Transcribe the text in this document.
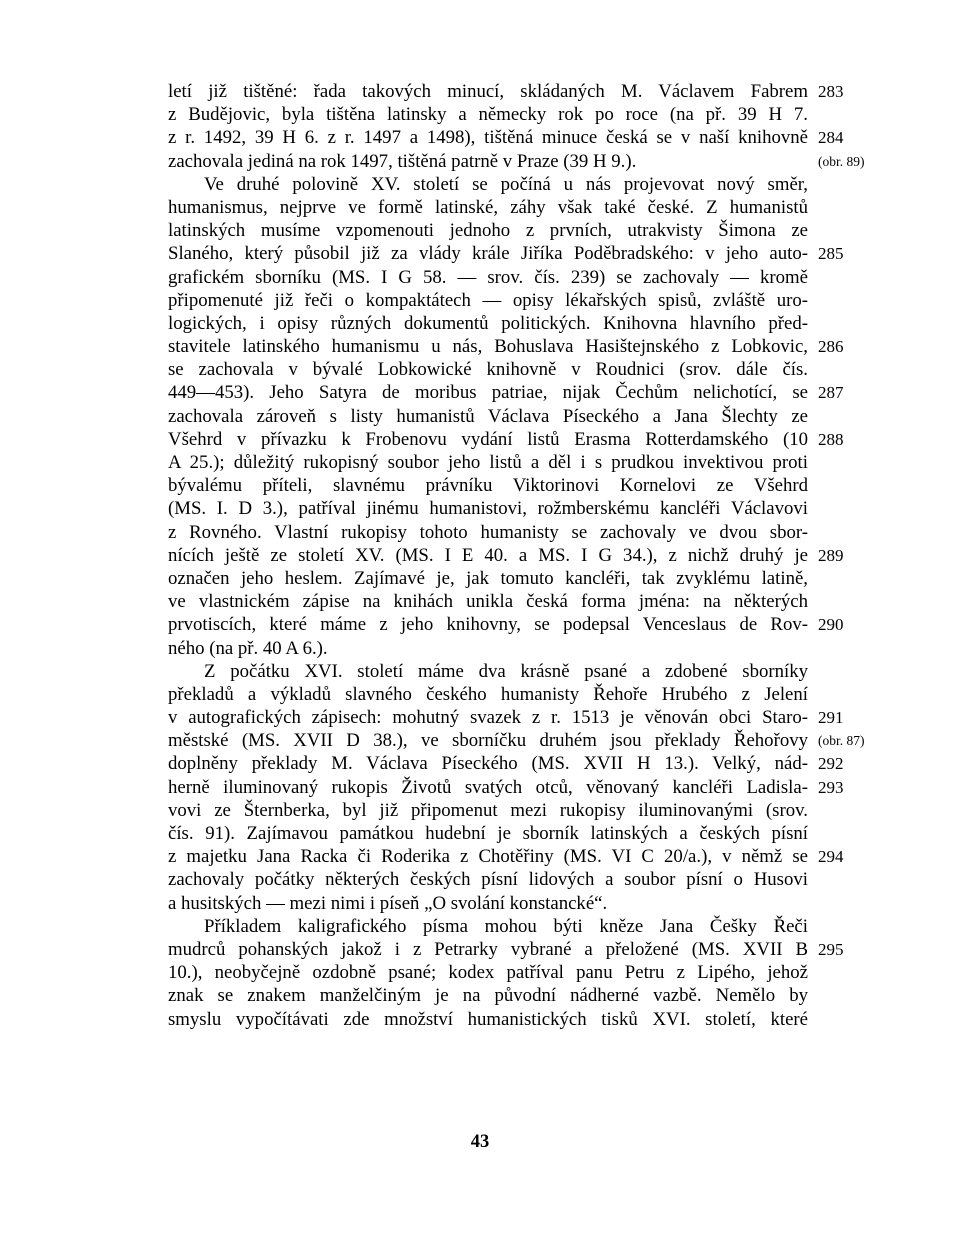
letí již tištěné: řada takových minucí, skládaných M. Václavem Fabrem
z Budějovic, byla tištěna latinsky a německy rok po roce (na př. 39 H 7.
z r. 1492, 39 H 6. z r. 1497 a 1498), tištěná minuce česká se v naší knihovně
zachovala jediná na rok 1497, tištěná patrně v Praze (39 H 9.).
Ve druhé polovině XV. století se počíná u nás projevovat nový směr,
humanismus, nejprve ve formě latinské, záhy však také české. Z humanistů
latinských musíme vzpomenouti jednoho z prvních, utrakvisty Šimona ze
Slaného, který působil již za vlády krále Jiříka Poděbradského: v jeho auto-
grafickém sborníku (MS. I G 58. — srov. čís. 239) se zachovaly — kromě
připomenuté již řeči o kompaktátech — opisy lékařských spisů, zvláště uro-
logických, i opisy různých dokumentů politických. Knihovna hlavního před-
stavitele latinského humanismu u nás, Bohuslava Hasištejnského z Lobkovic,
se zachovala v bývalé Lobkowické knihovně v Roudnici (srov. dále čís.
449—453). Jeho Satyra de moribus patriae, nijak Čechům nelichotící, se
zachovala zároveň s listy humanistů Václava Píseckého a Jana Šlechty ze
Všehrd v přívazku k Frobenovu vydání listů Erasma Rotterdamského (10
A 25.); důležitý rukopisný soubor jeho listů a děl i s prudkou invektivou proti
bývalému příteli, slavnému právníku Viktorinovi Kornelovi ze Všehrd
(MS. I. D 3.), patříval jinému humanistovi, rožmberskému kancléři Václavovi
z Rovného. Vlastní rukopisy tohoto humanisty se zachovaly ve dvou sbor-
nících ještě ze století XV. (MS. I E 40. a MS. I G 34.), z nichž druhý je
označen jeho heslem. Zajímavé je, jak tomuto kancléři, tak zvyklému latině,
ve vlastnickém zápise na knihách unikla česká forma jména: na některých
prvotiscích, které máme z jeho knihovny, se podepsal Venceslaus de Rov-
ného (na př. 40 A 6.).
Z počátku XVI. století máme dva krásně psané a zdobené sborníky
překladů a výkladů slavného českého humanisty Řehoře Hrubého z Jelení
v autografických zápisech: mohutný svazek z r. 1513 je věnován obci Staro-
městské (MS. XVII D 38.), ve sborníčku druhém jsou překlady Řehořovy
doplněny překlady M. Václava Píseckého (MS. XVII H 13.). Velký, nád-
herně iluminovaný rukopis Životů svatých otců, věnovaný kancléři Ladisla-
vovi ze Šternberka, byl již připomenut mezi rukopisy iluminovanými (srov.
čís. 91). Zajímavou památkou hudební je sborník latinských a českých písní
z majetku Jana Racka či Roderika z Chotěřiny (MS. VI C 20/a.), v němž se
zachovaly počátky některých českých písní lidových a soubor písní o Husovi
a husitských — mezi nimi i píseň „O svolání konstancké“.
Příkladem kaligrafického písma mohou býti kněze Jana Češky Řeči
mudrců pohanských jakož i z Petrarky vybrané a přeložené (MS. XVII B
10.), neobyčejně ozdobně psané; kodex patříval panu Petru z Lipého, jehož
znak se znakem manželčiným je na původní nádherné vazbě. Nemělo by
smyslu vypočítávati zde množství humanistických tisků XVI. století, které
283
284
(obr. 89)
285
286
287
288
289
290
291
(obr. 87)
292
293
294
295
43
